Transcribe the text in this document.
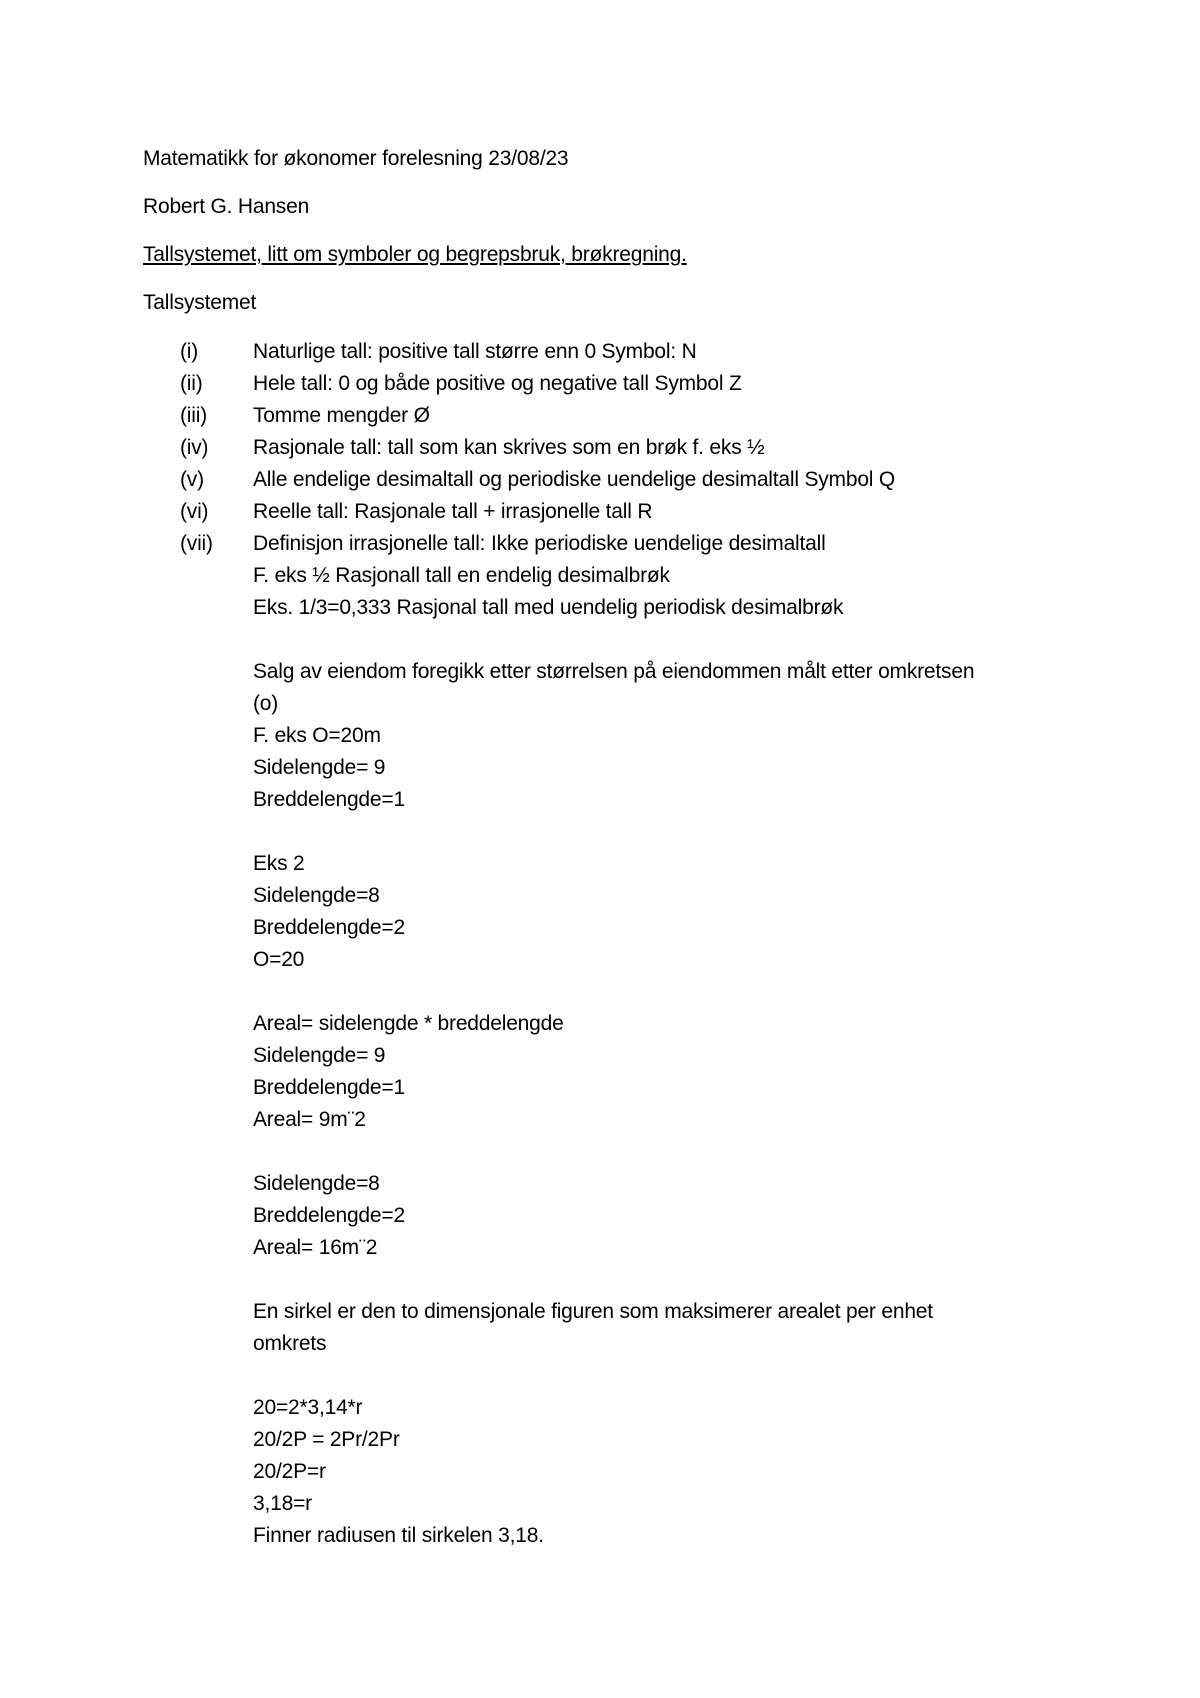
Matematikk for økonomer forelesning 23/08/23
Robert G. Hansen
Tallsystemet, litt om symboler og begrepsbruk, brøkregning.
Tallsystemet
(i)	Naturlige tall: positive tall større enn 0 Symbol: N
(ii) Hele tall: 0 og både positive og negative tall Symbol Z
(iii) Tomme mengder Ø
(iv) Rasjonale tall: tall som kan skrives som en brøk f. eks ½
(v) Alle endelige desimaltall og periodiske uendelige desimaltall Symbol Q
(vi) Reelle tall: Rasjonale tall + irrasjonelle tall R
(vii) Definisjon irrasjonelle tall: Ikke periodiske uendelige desimaltall
F. eks ½ Rasjonall tall en endelig desimalbrøk
Eks. 1/3=0,333 Rasjonal tall med uendelig periodisk desimalbrøk
Salg av eiendom foregikk etter størrelsen på eiendommen målt etter omkretsen
(o)
F. eks O=20m
Sidelengde= 9
Breddelengde=1
Eks 2
Sidelengde=8
Breddelengde=2
O=20
Areal= sidelengde * breddelengde
Sidelengde= 9
Breddelengde=1
Areal= 9m¨2
Sidelengde=8
Breddelengde=2
Areal= 16m¨2
En sirkel er den to dimensjonale figuren som maksimerer arealet per enhet
omkrets
20=2*3,14*r
20/2P = 2Pr/2Pr
20/2P=r
3,18=r
Finner radiusen til sirkelen 3,18.
